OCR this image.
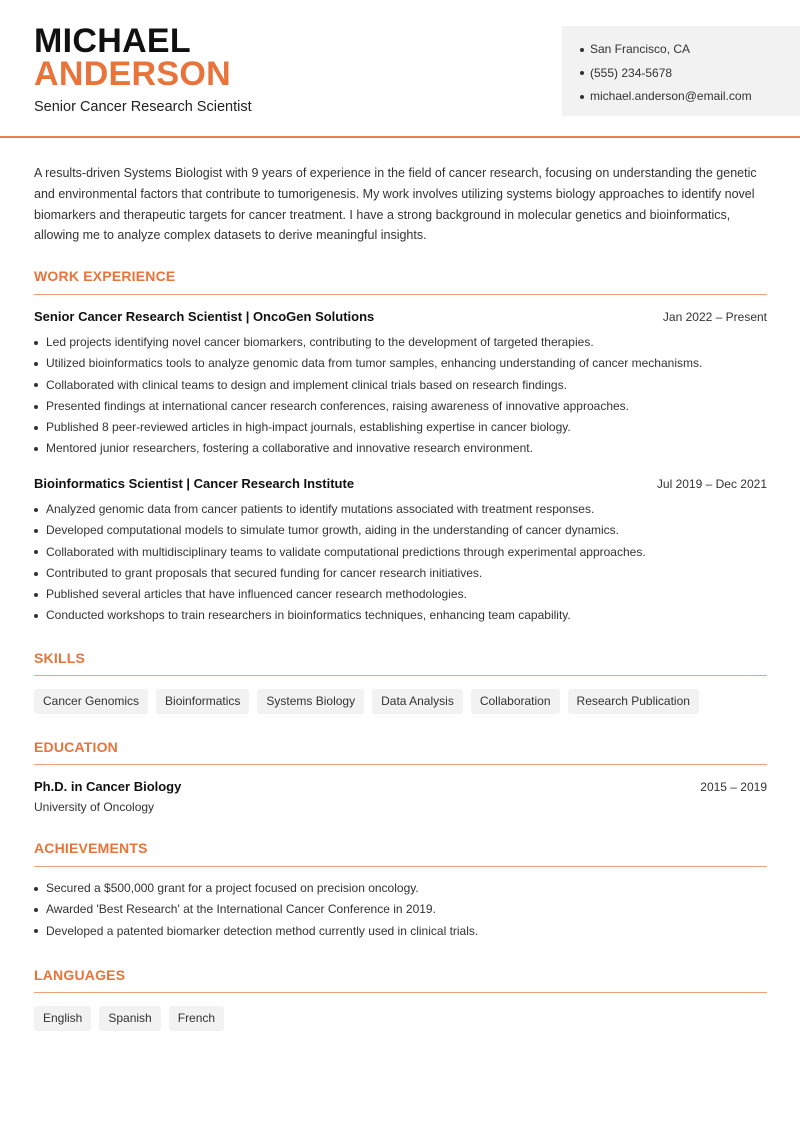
MICHAEL
ANDERSON
Senior Cancer Research Scientist
San Francisco, CA
(555) 234-5678
michael.anderson@email.com
A results-driven Systems Biologist with 9 years of experience in the field of cancer research, focusing on understanding the genetic and environmental factors that contribute to tumorigenesis. My work involves utilizing systems biology approaches to identify novel biomarkers and therapeutic targets for cancer treatment. I have a strong background in molecular genetics and bioinformatics, allowing me to analyze complex datasets to derive meaningful insights.
WORK EXPERIENCE
Senior Cancer Research Scientist | OncoGen Solutions	Jan 2022 – Present
Led projects identifying novel cancer biomarkers, contributing to the development of targeted therapies.
Utilized bioinformatics tools to analyze genomic data from tumor samples, enhancing understanding of cancer mechanisms.
Collaborated with clinical teams to design and implement clinical trials based on research findings.
Presented findings at international cancer research conferences, raising awareness of innovative approaches.
Published 8 peer-reviewed articles in high-impact journals, establishing expertise in cancer biology.
Mentored junior researchers, fostering a collaborative and innovative research environment.
Bioinformatics Scientist | Cancer Research Institute	Jul 2019 – Dec 2021
Analyzed genomic data from cancer patients to identify mutations associated with treatment responses.
Developed computational models to simulate tumor growth, aiding in the understanding of cancer dynamics.
Collaborated with multidisciplinary teams to validate computational predictions through experimental approaches.
Contributed to grant proposals that secured funding for cancer research initiatives.
Published several articles that have influenced cancer research methodologies.
Conducted workshops to train researchers in bioinformatics techniques, enhancing team capability.
SKILLS
Cancer Genomics	Bioinformatics	Systems Biology	Data Analysis	Collaboration	Research Publication
EDUCATION
Ph.D. in Cancer Biology	2015 – 2019
University of Oncology
ACHIEVEMENTS
Secured a $500,000 grant for a project focused on precision oncology.
Awarded 'Best Research' at the International Cancer Conference in 2019.
Developed a patented biomarker detection method currently used in clinical trials.
LANGUAGES
English	Spanish	French
